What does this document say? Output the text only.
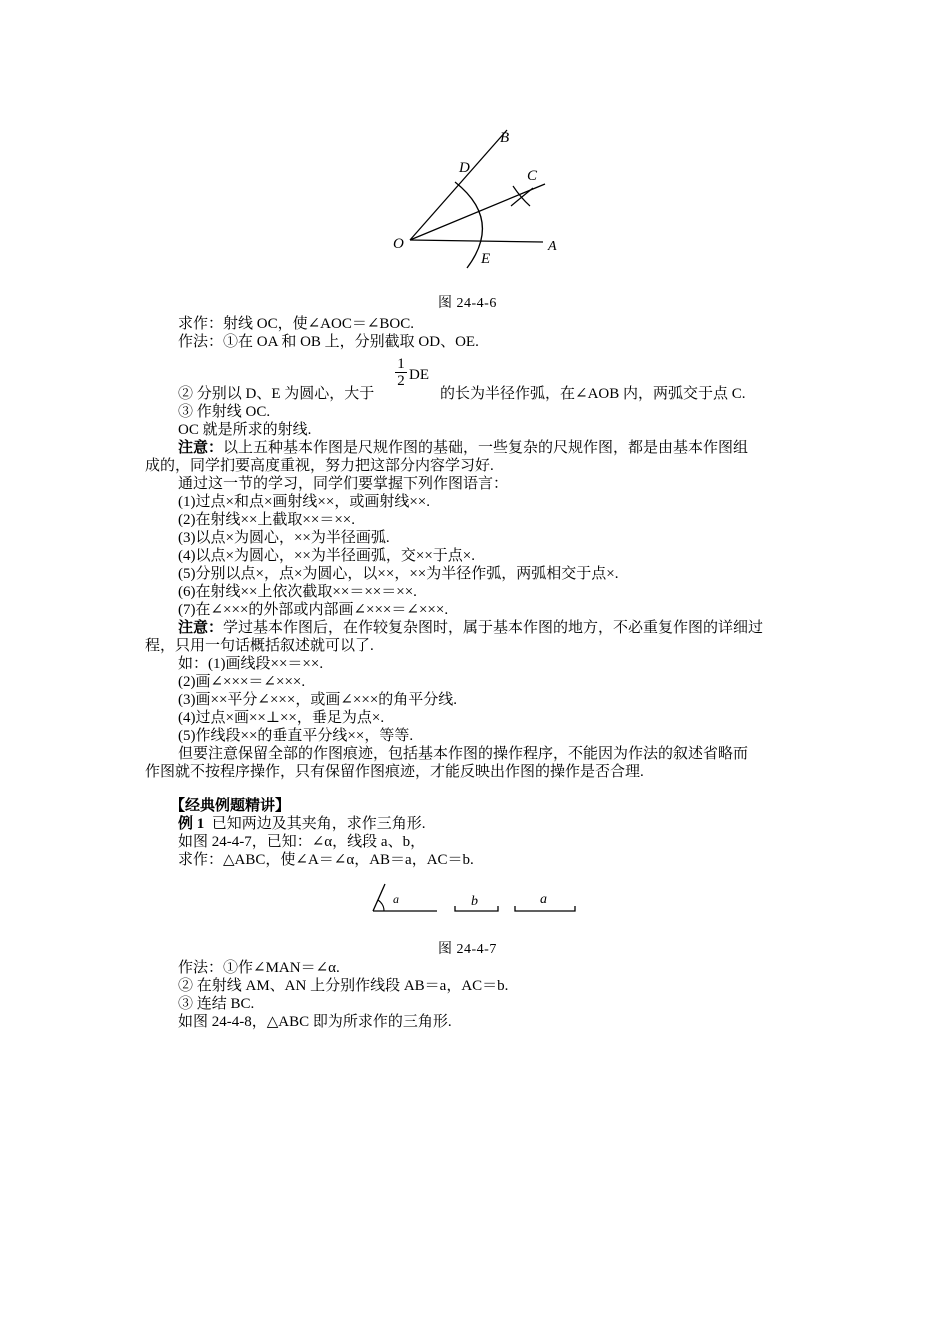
B
D	C
O	A
E
图 24-4-6
求作：射线 OC，使∠AOC＝∠BOC.
作法：①在 OA 和 OB 上，分别截取 OD、OE.
$\frac{1}{2}$ DE
② 分别以 D、E 为圆心，大于	的长为半径作弧，在∠AOB 内，两弧交于点 C.
③ 作射线 OC.
OC 就是所求的射线.
注意：以上五种基本作图是尺规作图的基础，一些复杂的尺规作图，都是由基本作图组
成的，同学扪要高度重视，努力把这部分内容学习好.
通过这一节的学习，同学们要掌握下列作图语言：
(1)过点×和点×画射线××，或画射线××.
(2)在射线××上截取××＝××.
(3)以点×为圆心，××为半径画弧.
(4)以点×为圆心，××为半径画弧，交××于点×.
(5)分别以点×，点×为圆心，以××，××为半径作弧，两弧相交于点×.
(6)在射线××上依次截取××＝××＝××.
(7)在∠×××的外部或内部画∠×××＝∠×××.
注意：学过基本作图后，在作较复杂图时，属于基本作图的地方，不必重复作图的详细过
程，只用一句话概括叙述就可以了.
如：(1)画线段××＝××.
(2)画∠×××＝∠×××.
(3)画××平分∠×××，或画∠×××的角平分线.
(4)过点×画××⊥××，垂足为点×.
(5)作线段××的垂直平分线××，等等.
但要注意保留全部的作图痕迹，包括基本作图的操作程序，不能因为作法的叙述省略而
作图就不按程序操作，只有保留作图痕迹，才能反映出作图的操作是否合理.
【经典例题精讲】
例 1 已知两边及其夹角，求作三角形.
如图 24-4-7，已知：∠α，线段 a、b，
求作：△ABC，使∠A＝∠α，AB＝a，AC＝b.
a	b	a
图 24-4-7
作法：①作∠MAN＝∠α.
② 在射线 AM、AN 上分别作线段 AB＝a，AC＝b.
③ 连结 BC.
如图 24-4-8，△ABC 即为所求作的三角形.
